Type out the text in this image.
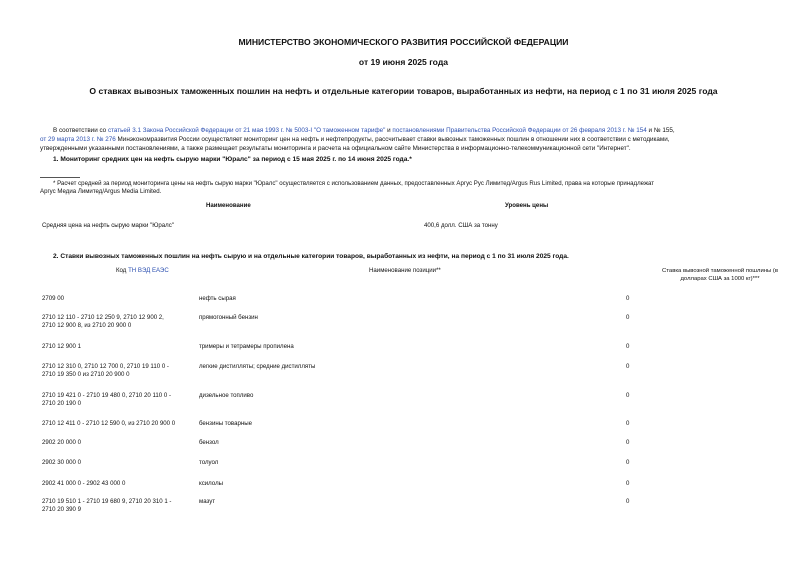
МИНИСТЕРСТВО ЭКОНОМИЧЕСКОГО РАЗВИТИЯ РОССИЙСКОЙ ФЕДЕРАЦИИ
от 19 июня 2025 года
О ставках вывозных таможенных пошлин на нефть и отдельные категории товаров, выработанных из нефти, на период с 1 по 31 июля 2025 года
В соответствии со статьей 3.1 Закона Российской Федерации от 21 мая 1993 г. № 5003-I "О таможенном тарифе" и постановлениями Правительства Российской Федерации от 26 февраля 2013 г. № 154 и № 155,
от 29 марта 2013 г. № 276 Минэкономразвития России осуществляет мониторинг цен на нефть и нефтепродукты, рассчитывает ставки вывозных таможенных пошлин в отношении них в соответствии с методиками,
утвержденными указанными постановлениями, а также размещает результаты мониторинга и расчета на официальном сайте Министерства в информационно-телекоммуникационной сети "Интернет".
1. Мониторинг средних цен на нефть сырую марки "Юралс" за период с 15 мая 2025 г. по 14 июня 2025 года.*
* Расчет средней за период мониторинга цены на нефть сырую марки "Юралс" осуществляется с использованием данных, предоставленных Аргус Рус Лимитед/Argus Rus Limited, права на которые принадлежат
Аргус Медиа Лимитед/Argus Media Limited.
Наименование	Уровень цены
Средняя цена на нефть сырую марки "Юралс"	400,6 долл. США за тонну
2. Ставки вывозных таможенных пошлин на нефть сырую и на отдельные категории товаров, выработанных из нефти, на период с 1 по 31 июля 2025 года.
Код ТН ВЭД ЕАЭС	Наименование позиции**	Ставка вывозной таможенной пошлины (в
долларах США за 1000 кг)***
2709 00	нефть сырая	0
2710 12 110 - 2710 12 250 9, 2710 12 900 2,
2710 12 900 8, из 2710 20 900 0
прямогонный бензин	0
2710 12 900 1	тримеры и тетрамеры пропилена	0
2710 12 310 0, 2710 12 700 0, 2710 19 110 0 -
2710 19 350 0 из 2710 20 900 0
легкие дистилляты; средние дистилляты	0
2710 19 421 0 - 2710 19 480 0, 2710 20 110 0 -
2710 20 190 0
дизельное топливо	0
2710 12 411 0 - 2710 12 590 0, из 2710 20 900 0	бензины товарные	0
2902 20 000 0	бензол	0
2902 30 000 0	толуол	0
2902 41 000 0 - 2902 43 000 0	ксилолы	0
2710 19 510 1 - 2710 19 680 9, 2710 20 310 1 -
2710 20 390 9
мазут	0
